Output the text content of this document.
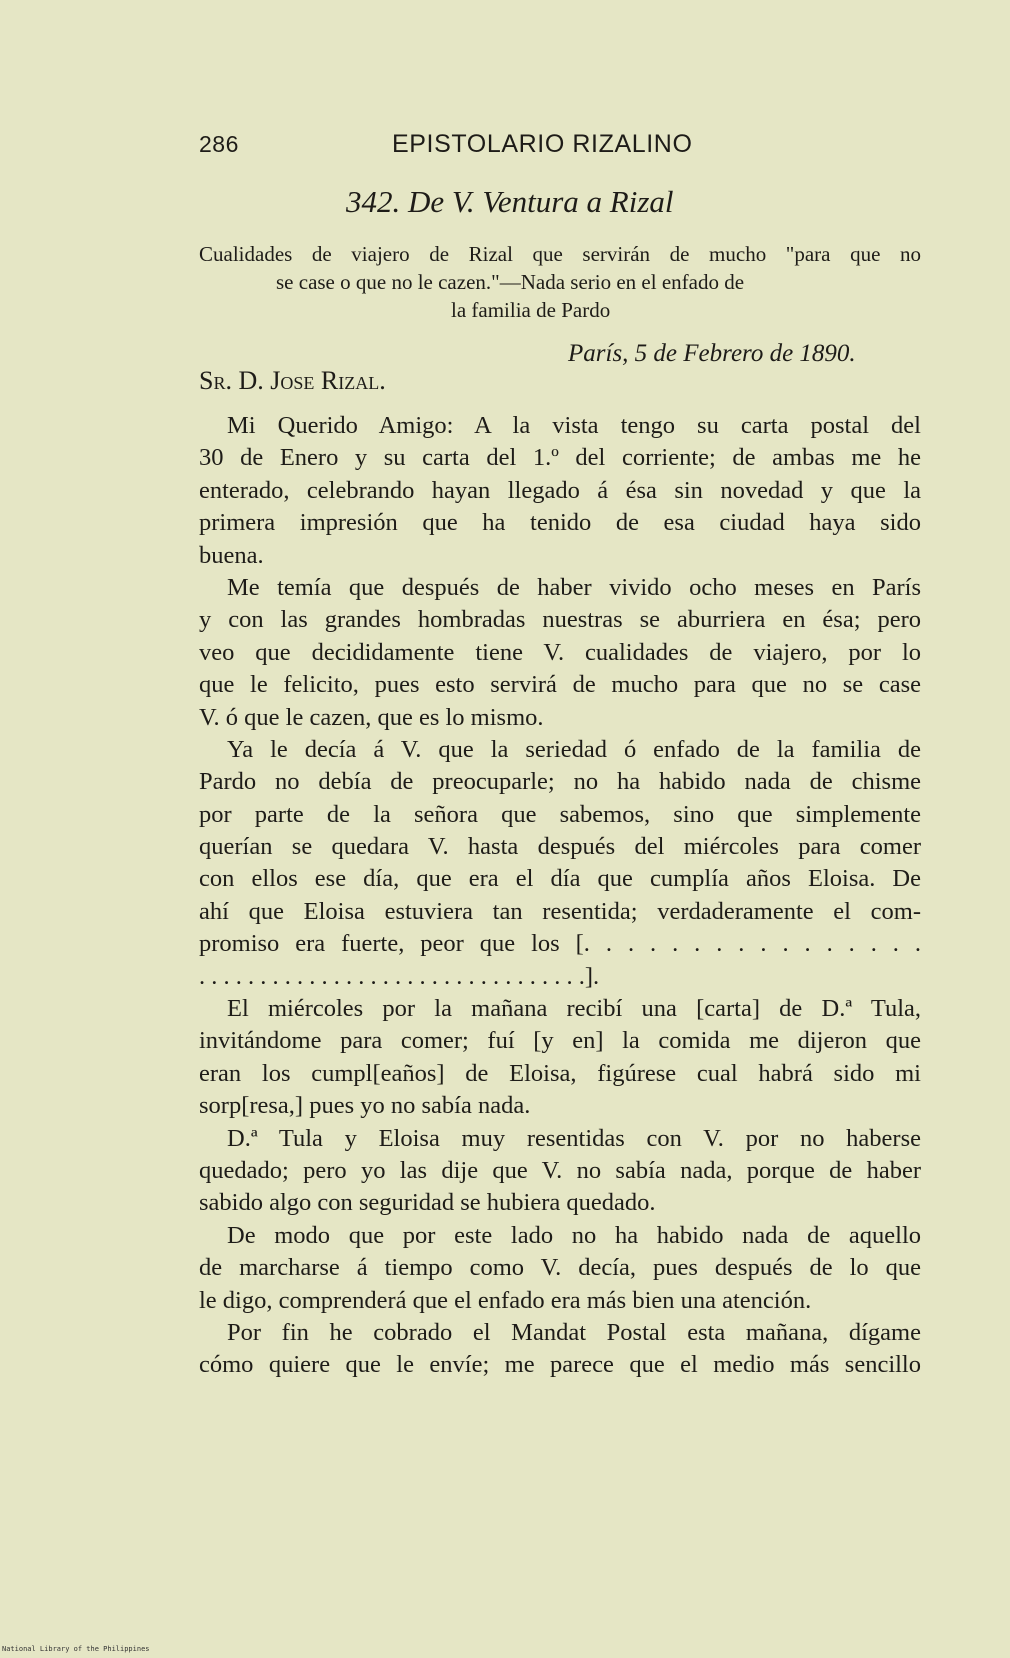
286	EPISTOLARIO RIZALINO
342. De V. Ventura a Rizal
Cualidades de viajero de Rizal que servirán de mucho "para que no
se case o que no le cazen."—Nada serio en el enfado de
la familia de Pardo
París, 5 de Febrero de 1890.
Sr. D. Jose Rizal.
Mi Querido Amigo: A la vista tengo su carta postal del
30 de Enero y su carta del 1.º del corriente; de ambas me he
enterado, celebrando hayan llegado á ésa sin novedad y que la
primera impresión que ha tenido de esa ciudad haya sido
buena.
Me temía que después de haber vivido ocho meses en París
y con las grandes hombradas nuestras se aburriera en ésa; pero
veo que decididamente tiene V. cualidades de viajero, por lo
que le felicito, pues esto servirá de mucho para que no se case
V. ó que le cazen, que es lo mismo.
Ya le decía á V. que la seriedad ó enfado de la familia de
Pardo no debía de preocuparle; no ha habido nada de chisme
por parte de la señora que sabemos, sino que simplemente
querían se quedara V. hasta después del miércoles para comer
con ellos ese día, que era el día que cumplía años Eloisa. De
ahí que Eloisa estuviera tan resentida; verdaderamente el com-
promiso era fuerte, peor que los [. . . . . . . . . . . . . . . .
. . . . . . . . . . . . . . . . . . . . . . . . . . . . . . . .].
El miércoles por la mañana recibí una [carta] de D.ª Tula,
invitándome para comer; fuí [y en] la comida me dijeron que
eran los cumpl[eaños] de Eloisa, figúrese cual habrá sido mi
sorp[resa,] pues yo no sabía nada.
D.ª Tula y Eloisa muy resentidas con V. por no haberse
quedado; pero yo las dije que V. no sabía nada, porque de haber
sabido algo con seguridad se hubiera quedado.
De modo que por este lado no ha habido nada de aquello
de marcharse á tiempo como V. decía, pues después de lo que
le digo, comprenderá que el enfado era más bien una atención.
Por fin he cobrado el Mandat Postal esta mañana, dígame
cómo quiere que le envíe; me parece que el medio más sencillo
National Library of the Philippines
